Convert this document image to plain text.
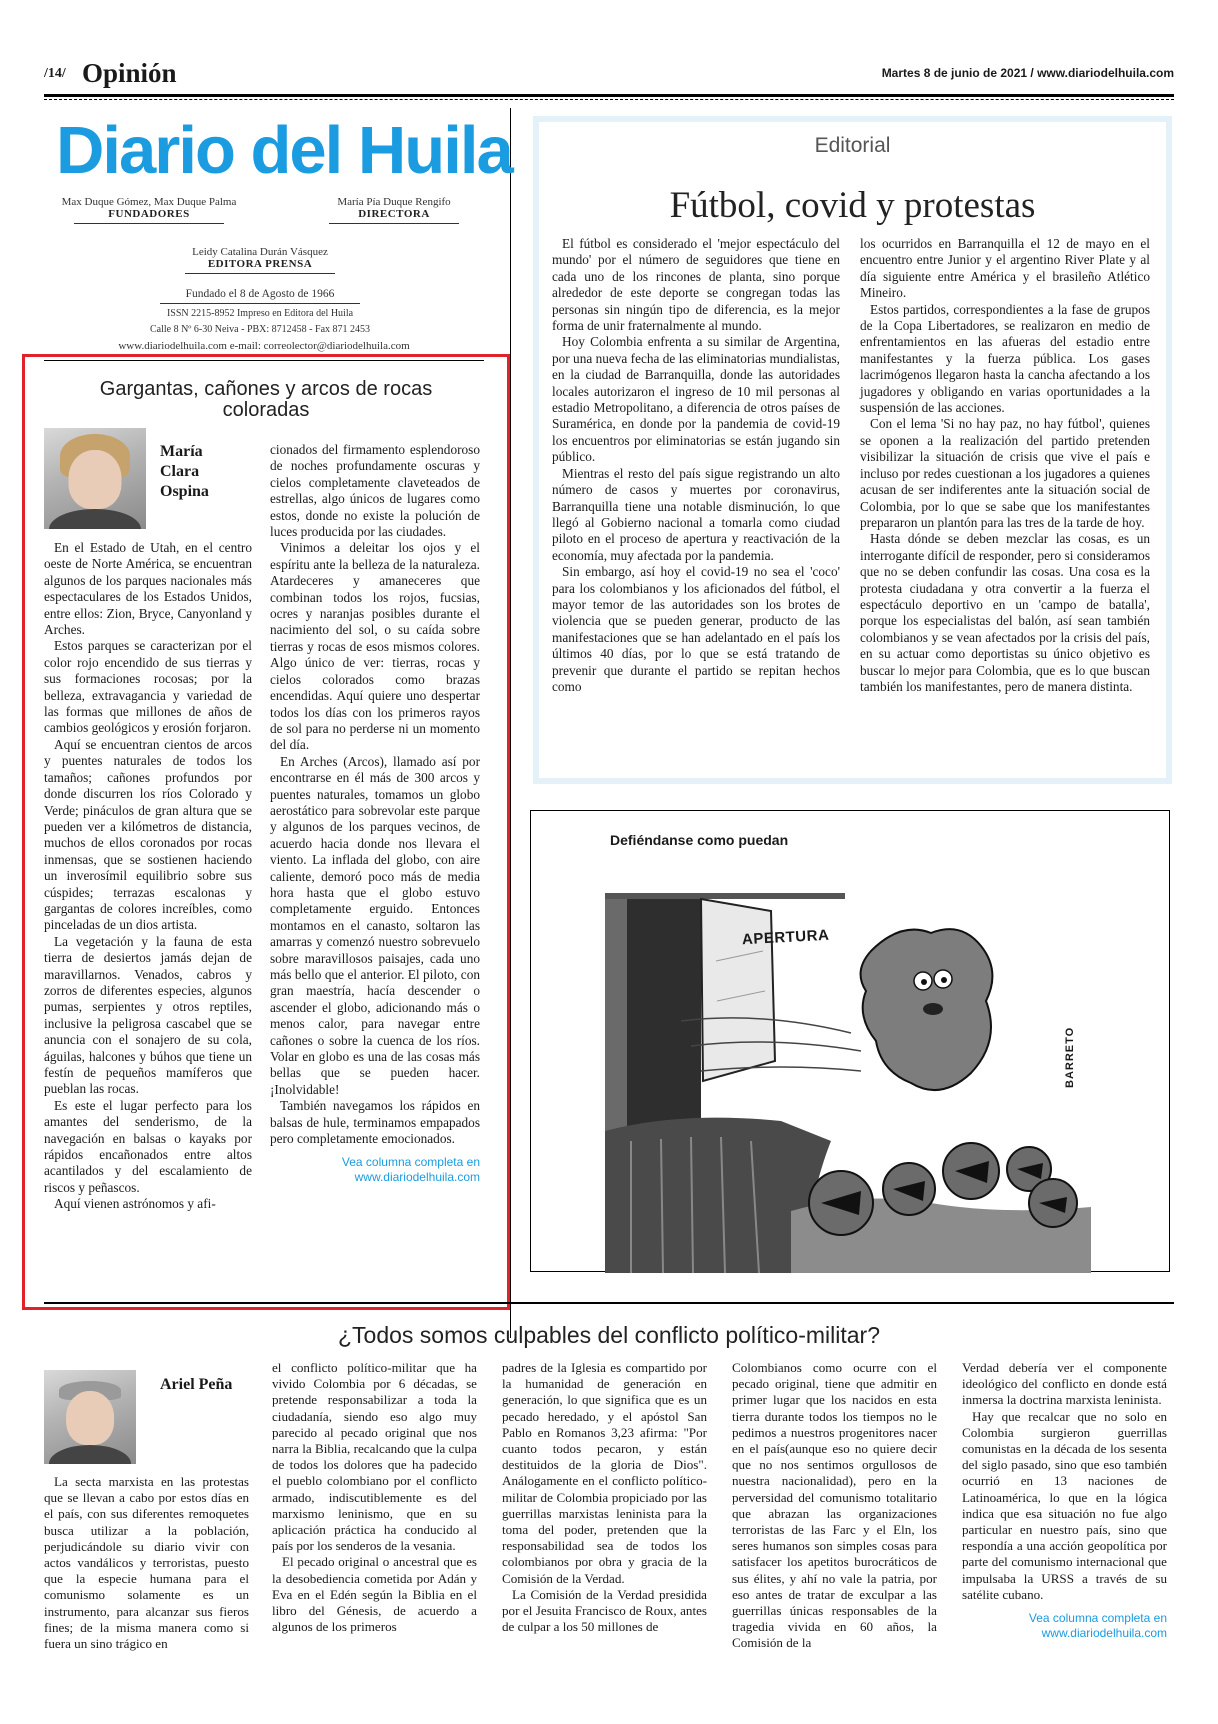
/14/ Opinión	Martes 8 de junio de 2021 / www.diariodelhuila.com
Diario del Huila
Max Duque Gómez, Max Duque Palma
FUNDADORES
María Pía Duque Rengifo
DIRECTORA
Leidy Catalina Durán Vásquez
EDITORA PRENSA
Fundado el 8 de Agosto de 1966
ISSN 2215-8952 Impreso en Editora del Huila
Calle 8 Nº 6-30 Neiva - PBX: 8712458 - Fax 871 2453
www.diariodelhuila.com e-mail: correolector@diariodelhuila.com
Gargantas, cañones y arcos de rocas coloradas
María Clara Ospina

En el Estado de Utah, en el centro oeste de Norte América, se encuentran algunos de los parques nacionales más espectaculares de los Estados Unidos, entre ellos: Zion, Bryce, Canyonland y Arches.

Estos parques se caracterizan por el color rojo encendido de sus tierras y sus formaciones rocosas; por la belleza, extravagancia y variedad de las formas que millones de años de cambios geológicos y erosión forjaron.

Aquí se encuentran cientos de arcos y puentes naturales de todos los tamaños; cañones profundos por donde discurren los ríos Colorado y Verde; pináculos de gran altura que se pueden ver a kilómetros de distancia, muchos de ellos coronados por rocas inmensas, que se sostienen haciendo un inverosímil equilibrio sobre sus cúspides; terrazas escalonas y gargantas de colores increíbles, como pinceladas de un dios artista.

La vegetación y la fauna de esta tierra de desiertos jamás dejan de maravillarnos. Venados, cabros y zorros de diferentes especies, algunos pumas, serpientes y otros reptiles, inclusive la peligrosa cascabel que se anuncia con el sonajero de su cola, águilas, halcones y búhos que tiene un festín de pequeños mamíferos que pueblan las rocas.

Es este el lugar perfecto para los amantes del senderismo, de la navegación en balsas o kayaks por rápidos encañonados entre altos acantilados y del escalamiento de riscos y peñascos.

Aquí vienen astrónomos y afi-

cionados del firmamento esplendoroso de noches profundamente oscuras y cielos completamente claveteados de estrellas, algo únicos de lugares como estos, donde no existe la polución de luces producida por las ciudades.

Vinimos a deleitar los ojos y el espíritu ante la belleza de la naturaleza. Atardeceres y amaneceres que combinan todos los rojos, fucsias, ocres y naranjas posibles durante el nacimiento del sol, o su caída sobre tierras y rocas de esos mismos colores. Algo único de ver: tierras, rocas y cielos colorados como brazas encendidas. Aquí quiere uno despertar todos los días con los primeros rayos de sol para no perderse ni un momento del día.

En Arches (Arcos), llamado así por encontrarse en él más de 300 arcos y puentes naturales, tomamos un globo aerostático para sobrevolar este parque y algunos de los parques vecinos, de acuerdo hacia donde nos llevara el viento. La inflada del globo, con aire caliente, demoró poco más de media hora hasta que el globo estuvo completamente erguido. Entonces montamos en el canasto, soltaron las amarras y comenzó nuestro sobrevuelo sobre maravillosos paisajes, cada uno más bello que el anterior. El piloto, con gran maestría, hacía descender o ascender el globo, adicionando más o menos calor, para navegar entre cañones o sobre la cuenca de los ríos. Volar en globo es una de las cosas más bellas que se pueden hacer. ¡Inolvidable!

También navegamos los rápidos en balsas de hule, terminamos empapados pero completamente emocionados.

Vea columna completa en
www.diariodelhuila.com
Editorial
Fútbol, covid y protestas

El fútbol es considerado el 'mejor espectáculo del mundo' por el número de seguidores que tiene en cada uno de los rincones de planta, sino porque alrededor de este deporte se congregan todas las personas sin ningún tipo de diferencia, es la mejor forma de unir fraternalmente al mundo.

Hoy Colombia enfrenta a su similar de Argentina, por una nueva fecha de las eliminatorias mundialistas, en la ciudad de Barranquilla, donde las autoridades locales autorizaron el ingreso de 10 mil personas al estadio Metropolitano, a diferencia de otros países de Suramérica, en donde por la pandemia de covid-19 los encuentros por eliminatorias se están jugando sin público.

Mientras el resto del país sigue registrando un alto número de casos y muertes por coronavirus, Barranquilla tiene una notable disminución, lo que llegó al Gobierno nacional a tomarla como ciudad piloto en el proceso de apertura y reactivación de la economía, muy afectada por la pandemia.

Sin embargo, así hoy el covid-19 no sea el 'coco' para los colombianos y los aficionados del fútbol, el mayor temor de las autoridades son los brotes de violencia que se pueden generar, producto de las manifestaciones que se han adelantado en el país los últimos 40 días, por lo que se está tratando de prevenir que durante el partido se repitan hechos como

los ocurridos en Barranquilla el 12 de mayo en el encuentro entre Junior y el argentino River Plate y al día siguiente entre América y el brasileño Atlético Mineiro.

Estos partidos, correspondientes a la fase de grupos de la Copa Libertadores, se realizaron en medio de enfrentamientos en las afueras del estadio entre manifestantes y la fuerza pública. Los gases lacrimógenos llegaron hasta la cancha afectando a los jugadores y obligando en varias oportunidades a la suspensión de las acciones.

Con el lema 'Si no hay paz, no hay fútbol', quienes se oponen a la realización del partido pretenden visibilizar la situación de crisis que vive el país e incluso por redes cuestionan a los jugadores a quienes acusan de ser indiferentes ante la situación social de Colombia, por lo que se sabe que los manifestantes prepararon un plantón para las tres de la tarde de hoy.

Hasta dónde se deben mezclar las cosas, es un interrogante difícil de responder, pero si consideramos que no se deben confundir las cosas. Una cosa es la protesta ciudadana y otra convertir a la fuerza el espectáculo deportivo en un 'campo de batalla', porque los especialistas del balón, así sean también colombianos y se vean afectados por la crisis del país, en su actuar como deportistas su único objetivo es buscar lo mejor para Colombia, que es lo que buscan también los manifestantes, pero de manera distinta.

Defiéndanse como puedan
APERTURA
BARRETO
¿Todos somos culpables del conflicto político-militar?
Ariel Peña

La secta marxista en las protestas que se llevan a cabo por estos días en el país, con sus diferentes remoquetes busca utilizar a la población, perjudicándole su diario vivir con actos vandálicos y terroristas, puesto que la especie humana para el comunismo solamente es un instrumento, para alcanzar sus fieros fines; de la misma manera como si fuera un sino trágico en

el conflicto político-militar que ha vivido Colombia por 6 décadas, se pretende responsabilizar a toda la ciudadanía, siendo eso algo muy parecido al pecado original que nos narra la Biblia, recalcando que la culpa de todos los dolores que ha padecido el pueblo colombiano por el conflicto armado, indiscutiblemente es del marxismo leninismo, que en su aplicación práctica ha conducido al país por los senderos de la vesania.

El pecado original o ancestral que es la desobediencia cometida por Adán y Eva en el Edén según la Biblia en el libro del Génesis, de acuerdo a algunos de los primeros

padres de la Iglesia es compartido por la humanidad de generación en generación, lo que significa que es un pecado heredado, y el apóstol San Pablo en Romanos 3,23 afirma: "Por cuanto todos pecaron, y están destituidos de la gloria de Dios". Análogamente en el conflicto político-militar de Colombia propiciado por las guerrillas marxistas leninista para la toma del poder, pretenden que la responsabilidad sea de todos los colombianos por obra y gracia de la Comisión de la Verdad.

La Comisión de la Verdad presidida por el Jesuita Francisco de Roux, antes de culpar a los 50 millones de

Colombianos como ocurre con el pecado original, tiene que admitir en primer lugar que los nacidos en esta tierra durante todos los tiempos no le pedimos a nuestros progenitores nacer en el país(aunque eso no quiere decir que no nos sentimos orgullosos de nuestra nacionalidad), pero en la perversidad del comunismo totalitario que abrazan las organizaciones terroristas de las Farc y el Eln, los seres humanos son simples cosas para satisfacer los apetitos burocráticos de sus élites, y ahí no vale la patria, por eso antes de tratar de exculpar a las guerrillas únicas responsables de la tragedia vivida en 60 años, la Comisión de la

Verdad debería ver el componente ideológico del conflicto en donde está inmersa la doctrina marxista leninista.

Hay que recalcar que no solo en Colombia surgieron guerrillas comunistas en la década de los sesenta del siglo pasado, sino que eso también ocurrió en 13 naciones de Latinoamérica, lo que en la lógica indica que esa situación no fue algo particular en nuestro país, sino que respondía a una acción geopolítica por parte del comunismo internacional que impulsaba la URSS a través de su satélite cubano.

Vea columna completa en
www.diariodelhuila.com
